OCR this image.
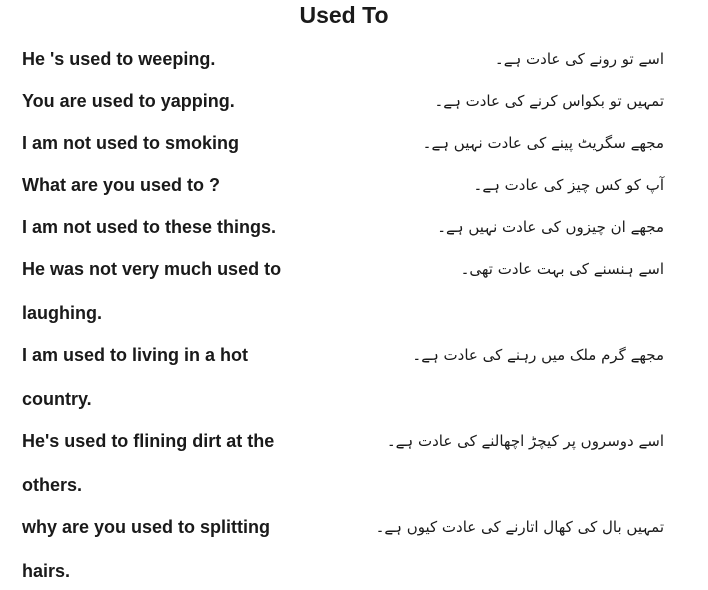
Used To
He 's used to weeping.	اسے تو رونے کی عادت ہے۔
You are used to yapping.	تمہیں تو بکواس کرنے کی عادت ہے۔
I am not used to smoking	مجھے سگریٹ پینے کی عادت نہیں ہے۔
What are you used to ?	آپ کو کس چیز کی عادت ہے۔
I am not used to these things.	مجھے ان چیزوں کی عادت نہیں ہے۔
He was not very much used to	اسے ہنسنے کی بہت عادت تھی۔
laughing.
I am used to living in a hot	مجھے گرم ملک میں رہنے کی عادت ہے۔
country.
He's used to flining dirt at the	اسے دوسروں پر کیچڑ اچھالنے کی عادت ہے۔
others.
why are you used to splitting	تمہیں بال کی کھال اتارنے کی عادت کیوں ہے۔
hairs.
